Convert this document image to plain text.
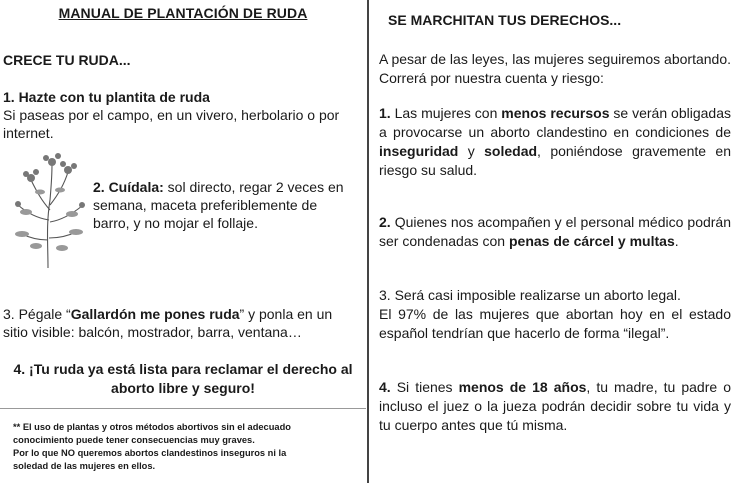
MANUAL DE PLANTACIÓN DE RUDA
CRECE TU RUDA...

1. Hazte con tu plantita de ruda

Si paseas por el campo, en un vivero, herbolario o por internet.

2. Cuídala: sol directo, regar 2 veces en semana, maceta preferiblemente de barro, y no mojar el follaje.
3. Pégale “Gallardón me pones ruda” y ponla en un sitio visible: balcón, mostrador, barra, ventana…
4. ¡Tu ruda ya está lista para reclamar el derecho al aborto libre y seguro!
** El uso de plantas y otros métodos abortivos sin el adecuado
conocimiento puede tener consecuencias muy graves.
Por lo que NO queremos abortos clandestinos inseguros ni la
soledad de las mujeres en ellos.
SE MARCHITAN TUS DERECHOS...
A pesar de las leyes, las mujeres seguiremos abortando. Correrá por nuestra cuenta y riesgo:
1. Las mujeres con menos recursos se verán obligadas a provocarse un aborto clandestino en condiciones de inseguridad y soledad, poniéndose gravemente en riesgo su salud.
2. Quienes nos acompañen y el personal médico podrán ser condenadas con penas de cárcel y multas.

3. Será casi imposible realizarse un aborto legal.

El 97% de las mujeres que abortan hoy en el estado español tendrían que hacerlo de forma “ilegal”.

4. Si tienes menos de 18 años, tu madre, tu padre o incluso el juez o la jueza podrán decidir sobre tu vida y tu cuerpo antes que tú misma.
